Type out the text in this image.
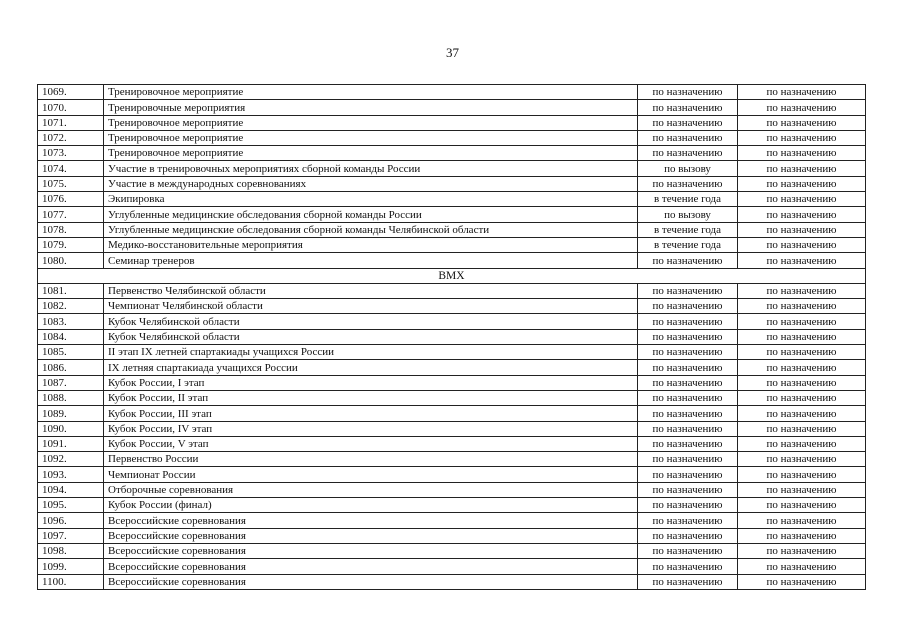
37
1069.	Тренировочное мероприятие	по назначению	по назначению
1070.	Тренировочные мероприятия	по назначению	по назначению
1071.	Тренировочное мероприятие	по назначению	по назначению
1072.	Тренировочное мероприятие	по назначению	по назначению
1073.	Тренировочное мероприятие	по назначению	по назначению
1074.	Участие в тренировочных мероприятиях сборной команды России	по вызову	по назначению
1075.	Участие в международных соревнованиях	по назначению	по назначению
1076.	Экипировка	в течение года	по назначению
1077.	Углубленные медицинские обследования сборной команды России	по вызову	по назначению
1078.	Углубленные медицинские обследования сборной команды Челябинской области	в течение года	по назначению
1079.	Медико-восстановительные мероприятия	в течение года	по назначению
1080.	Семинар тренеров	по назначению	по назначению
ВМХ			
1081.	Первенство Челябинской области	по назначению	по назначению
1082.	Чемпионат Челябинской области	по назначению	по назначению
1083.	Кубок Челябинской области	по назначению	по назначению
1084.	Кубок Челябинской области	по назначению	по назначению
1085.	II этап IX летней спартакиады учащихся России	по назначению	по назначению
1086.	IX летняя спартакиада учащихся России	по назначению	по назначению
1087.	Кубок России, I этап	по назначению	по назначению
1088.	Кубок России, II этап	по назначению	по назначению
1089.	Кубок России, III этап	по назначению	по назначению
1090.	Кубок России, IV этап	по назначению	по назначению
1091.	Кубок России, V этап	по назначению	по назначению
1092.	Первенство России	по назначению	по назначению
1093.	Чемпионат России	по назначению	по назначению
1094.	Отборочные соревнования	по назначению	по назначению
1095.	Кубок России (финал)	по назначению	по назначению
1096.	Всероссийские соревнования	по назначению	по назначению
1097.	Всероссийские соревнования	по назначению	по назначению
1098.	Всероссийские соревнования	по назначению	по назначению
1099.	Всероссийские соревнования	по назначению	по назначению
1100.	Всероссийские соревнования	по назначению	по назначению
